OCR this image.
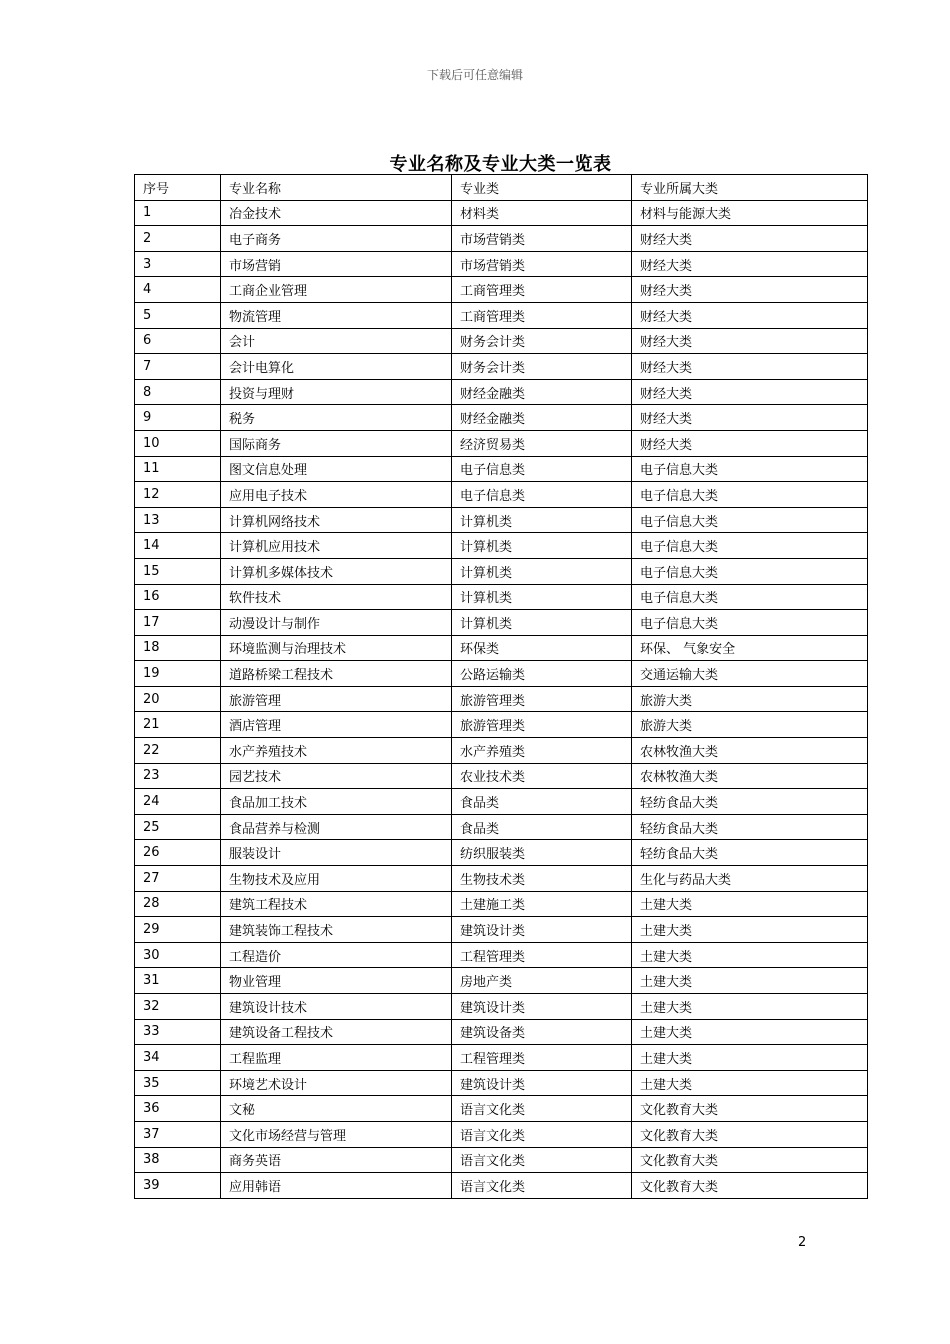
下载后可任意编辑
专业名称及专业大类一览表
序号	专业名称	专业类	专业所属大类
1	冶金技术	材料类	材料与能源大类
2	电子商务	市场营销类	财经大类
3	市场营销	市场营销类	财经大类
4	工商企业管理	工商管理类	财经大类
5	物流管理	工商管理类	财经大类
6	会计	财务会计类	财经大类
7	会计电算化	财务会计类	财经大类
8	投资与理财	财经金融类	财经大类
9	税务	财经金融类	财经大类
10	国际商务	经济贸易类	财经大类
11	图文信息处理	电子信息类	电子信息大类
12	应用电子技术	电子信息类	电子信息大类
13	计算机网络技术	计算机类	电子信息大类
14	计算机应用技术	计算机类	电子信息大类
15	计算机多媒体技术	计算机类	电子信息大类
16	软件技术	计算机类	电子信息大类
17	动漫设计与制作	计算机类	电子信息大类
18	环境监测与治理技术	环保类	环保、 气象安全
19	道路桥梁工程技术	公路运输类	交通运输大类
20	旅游管理	旅游管理类	旅游大类
21	酒店管理	旅游管理类	旅游大类
22	水产养殖技术	水产养殖类	农林牧渔大类
23	园艺技术	农业技术类	农林牧渔大类
24	食品加工技术	食品类	轻纺食品大类
25	食品营养与检测	食品类	轻纺食品大类
26	服装设计	纺织服装类	轻纺食品大类
27	生物技术及应用	生物技术类	生化与药品大类
28	建筑工程技术	土建施工类	土建大类
29	建筑装饰工程技术	建筑设计类	土建大类
30	工程造价	工程管理类	土建大类
31	物业管理	房地产类	土建大类
32	建筑设计技术	建筑设计类	土建大类
33	建筑设备工程技术	建筑设备类	土建大类
34	工程监理	工程管理类	土建大类
35	环境艺术设计	建筑设计类	土建大类
36	文秘	语言文化类	文化教育大类
37	文化市场经营与管理	语言文化类	文化教育大类
38	商务英语	语言文化类	文化教育大类
39	应用韩语	语言文化类	文化教育大类
2
